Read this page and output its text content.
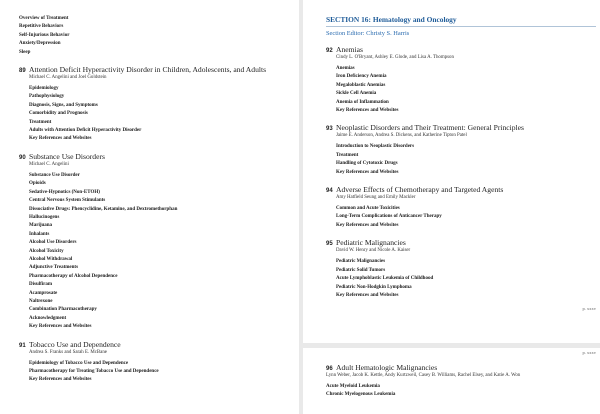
Overview of Treatment
Repetitive Behaviors
Self-Injurious Behavior
Anxiety/Depression
Sleep
89 Attention Deficit Hyperactivity Disorder in Children, Adolescents, and Adults
Michael C. Angelini and Joel Goldstein
Epidemiology
Pathophysiology
Diagnosis, Signs, and Symptoms
Comorbidity and Prognosis
Treatment
Adults with Attention Deficit Hyperactivity Disorder
Key References and Websites
90 Substance Use Disorders
Michael C. Angelini
Substance Use Disorder
Opioids
Sedative-Hypnotics (Non-ETOH)
Central Nervous System Stimulants
Dissociative Drugs: Phencyclidine, Ketamine, and Dextromethorphan
Hallucinogens
Marijuana
Inhalants
Alcohol Use Disorders
Alcohol Toxicity
Alcohol Withdrawal
Adjunctive Treatments
Pharmacotherapy of Alcohol Dependence
Disulfiram
Acamprosate
Naltrexone
Combination Pharmacotherapy
Acknowledgment
Key References and Websites
91 Tobacco Use and Dependence
Andrea S. Franks and Sarah E. McBane
Epidemiology of Tobacco Use and Dependence
Pharmacotherapy for Treating Tobacco Use and Dependence
Key References and Websites
SECTION 16: Hematology and Oncology
Section Editor: Christy S. Harris
92 Anemias
Cindy L. O'Bryant, Ashley E. Glode, and Lisa A. Thompson
Anemias
Iron Deficiency Anemia
Megaloblastic Anemias
Sickle Cell Anemia
Anemia of Inflammation
Key References and Websites
93 Neoplastic Disorders and Their Treatment: General Principles
Jaime E. Anderson, Andrea S. Dickens, and Katherine Tipton Patel
Introduction to Neoplastic Disorders
Treatment
Handling of Cytotoxic Drugs
Key References and Websites
94 Adverse Effects of Chemotherapy and Targeted Agents
Amy Hatfield Seung and Emily Mackler
Common and Acute Toxicities
Long-Term Complications of Anticancer Therapy
Key References and Websites
95 Pediatric Malignancies
David W. Henry and Nicole A. Kaiser
Pediatric Malignancies
Pediatric Solid Tumors
Acute Lymphoblastic Leukemia of Childhood
Pediatric Non-Hodgkin Lymphoma
Key References and Websites
p. xxxv
p. xxxv
96 Adult Hematologic Malignancies
Lynn Weber, Jacob K. Kettle, Andy Kurtzweil, Casey B. Williams, Rachel Elsey, and Katie A. Won
Acute Myeloid Leukemia
Chronic Myelogenous Leukemia
